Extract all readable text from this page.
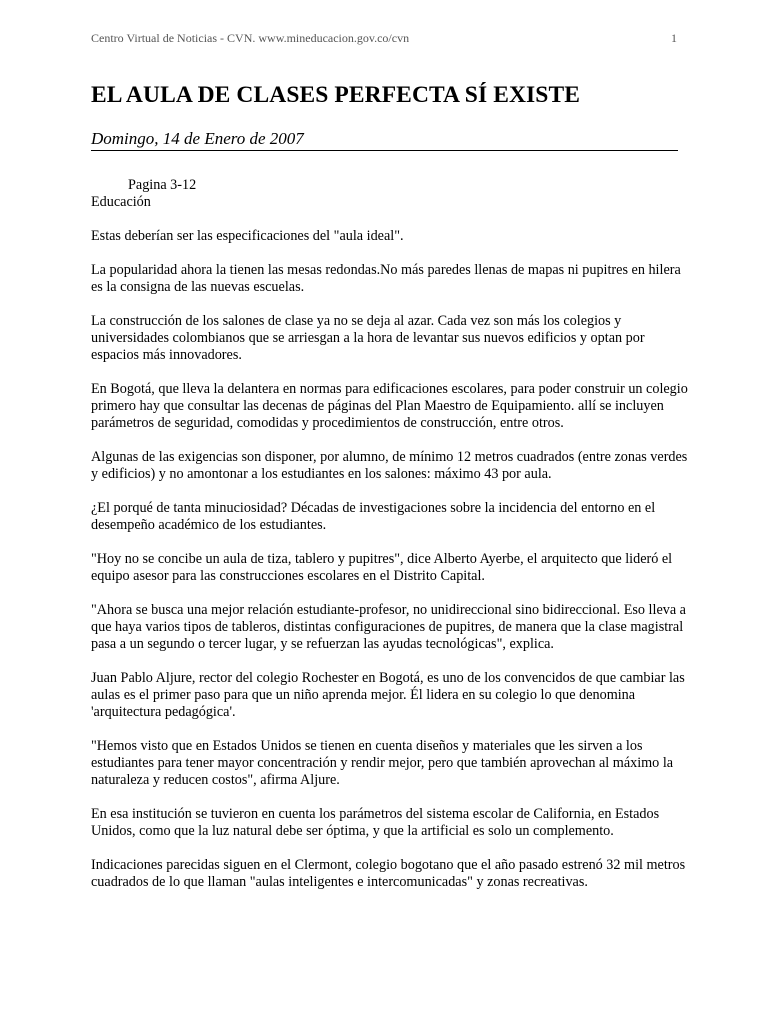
Centro Virtual de Noticias - CVN. www.mineducacion.gov.co/cvn	1
EL AULA DE CLASES PERFECTA SÍ EXISTE
Domingo, 14 de Enero de 2007

Pagina 3-12

Educación

Estas deberían ser las especificaciones del "aula ideal".

La popularidad ahora la tienen las mesas redondas.No más paredes llenas de mapas ni pupitres en hilera es la consigna de las nuevas escuelas.

La construcción de los salones de clase ya no se deja al azar. Cada vez son más los colegios y universidades colombianos que se arriesgan a la hora de levantar sus nuevos edificios y optan por espacios más innovadores.

En Bogotá, que lleva la delantera en normas para edificaciones escolares, para poder construir un colegio primero hay que consultar las decenas de páginas del Plan Maestro de Equipamiento. allí se incluyen parámetros de seguridad, comodidas y procedimientos de construcción, entre otros.

Algunas de las exigencias son disponer, por alumno, de mínimo 12 metros cuadrados (entre zonas verdes y edificios) y no amontonar a los estudiantes en los salones: máximo 43 por aula.

¿El porqué de tanta minuciosidad? Décadas de investigaciones sobre la incidencia del entorno en el desempeño académico de los estudiantes.

"Hoy no se concibe un aula de tiza, tablero y pupitres", dice Alberto Ayerbe, el arquitecto que lideró el equipo asesor para las construcciones escolares en el Distrito Capital.

"Ahora se busca una mejor relación estudiante-profesor, no unidireccional sino bidireccional. Eso lleva a que haya varios tipos de tableros, distintas configuraciones de pupitres, de manera que la clase magistral pasa a un segundo o tercer lugar, y se refuerzan las ayudas tecnológicas", explica.

Juan Pablo Aljure, rector del colegio Rochester en Bogotá, es uno de los convencidos de que cambiar las aulas es el primer paso para que un niño aprenda mejor. Él lidera en su colegio lo que denomina 'arquitectura pedagógica'.

"Hemos visto que en Estados Unidos se tienen en cuenta diseños y materiales que les sirven a los estudiantes para tener mayor concentración y rendir mejor, pero que también aprovechan al máximo la naturaleza y reducen costos", afirma Aljure.

En esa institución se tuvieron en cuenta los parámetros del sistema escolar de California, en Estados Unidos, como que la luz natural debe ser óptima, y que la artificial es solo un complemento.

Indicaciones parecidas siguen en el Clermont, colegio bogotano que el año pasado estrenó 32 mil metros cuadrados de lo que llaman "aulas inteligentes e intercomunicadas" y zonas recreativas.
